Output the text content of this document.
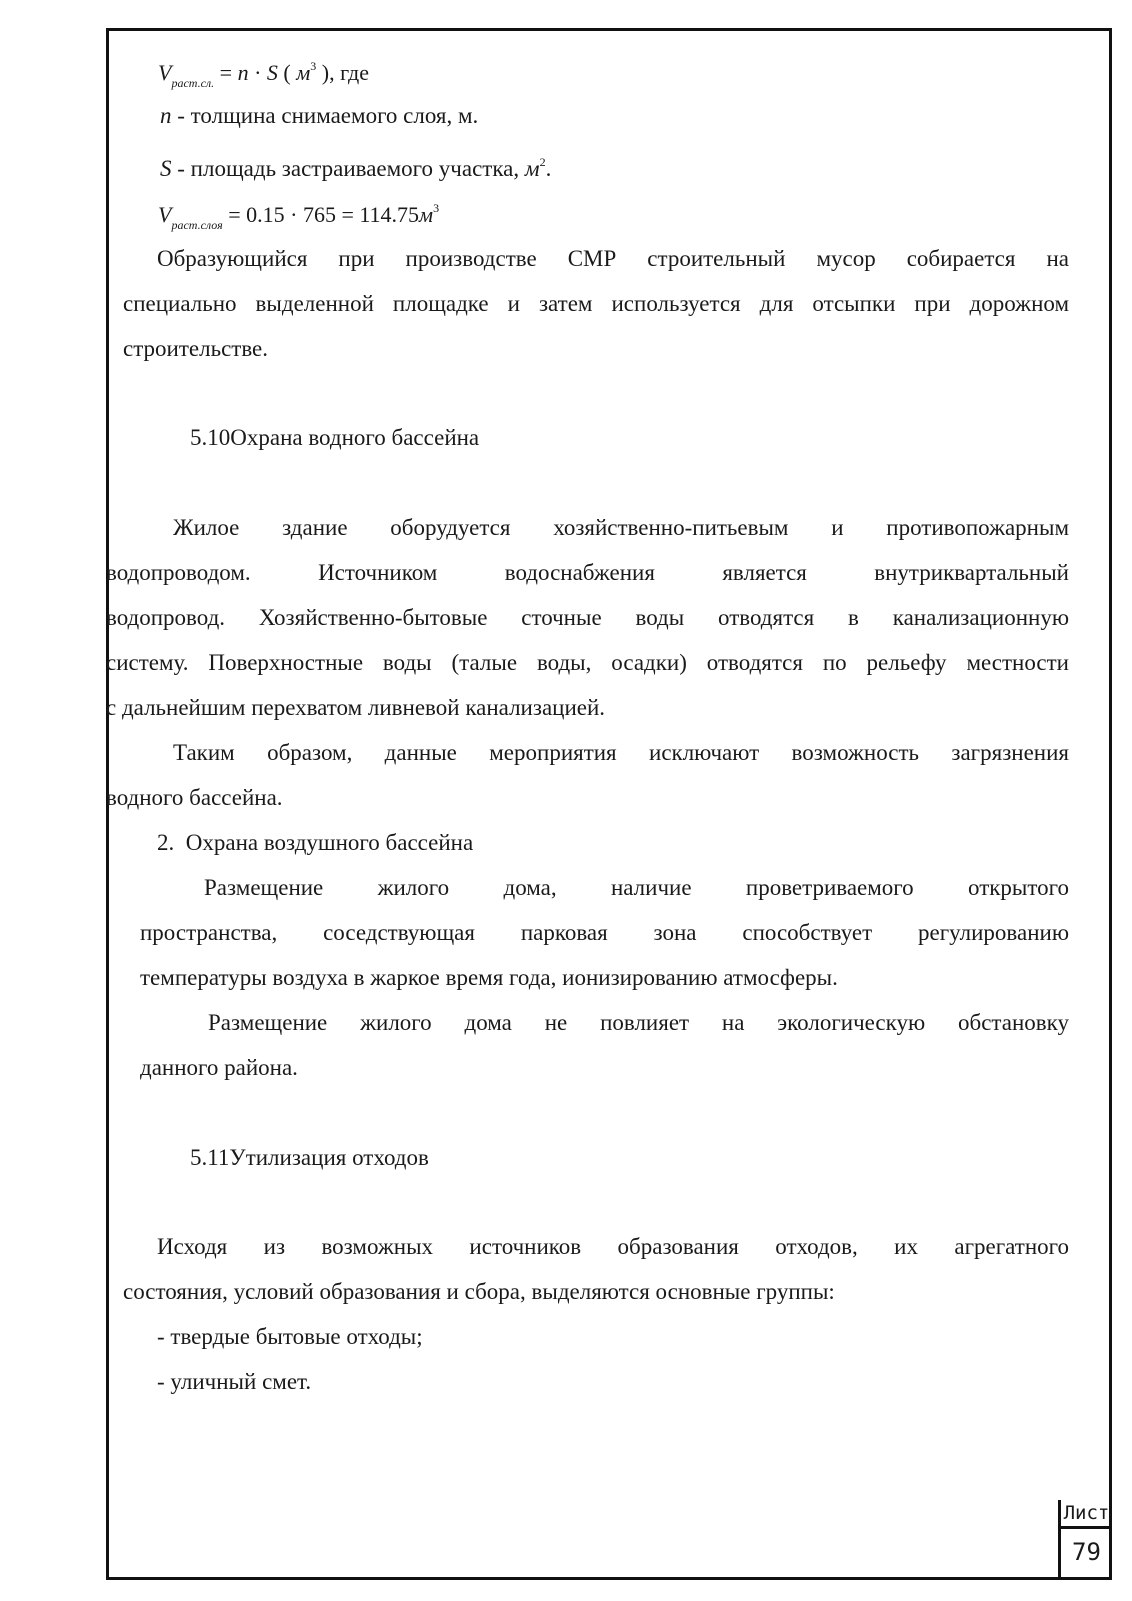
$V_{раст.сл.} = n \cdot S$ ( $м^3$ ), где
n - толщина снимаемого слоя, м.
S - площадь застраиваемого участка, $м^2$.
$V_{раст.слоя} = 0.15 \cdot 765 = 114.75м^3$
Образующийся при производстве СМР строительный мусор собирается на
специально выделенной площадке и затем используется для отсыпки при дорожном
строительстве.
5.10Охрана водного бассейна
Жилое здание оборудуется хозяйственно-питьевым и противопожарным
водопроводом. Источником водоснабжения является внутриквартальный
водопровод. Хозяйственно-бытовые сточные воды отводятся в канализационную
систему. Поверхностные воды (талые воды, осадки) отводятся по рельефу местности
с дальнейшим перехватом ливневой канализацией.
Таким образом, данные мероприятия исключают возможность загрязнения
водного бассейна.
2.  Охрана воздушного бассейна
Размещение жилого дома, наличие проветриваемого открытого
пространства, соседствующая парковая зона способствует регулированию
температуры воздуха в жаркое время года, ионизированию атмосферы.
Размещение жилого дома не повлияет на экологическую обстановку
данного района.
5.11Утилизация отходов
Исходя из возможных источников образования отходов, их агрегатного
состояния, условий образования и сбора, выделяются основные группы:
- твердые бытовые отходы;
- уличный смет.
Лист
79
